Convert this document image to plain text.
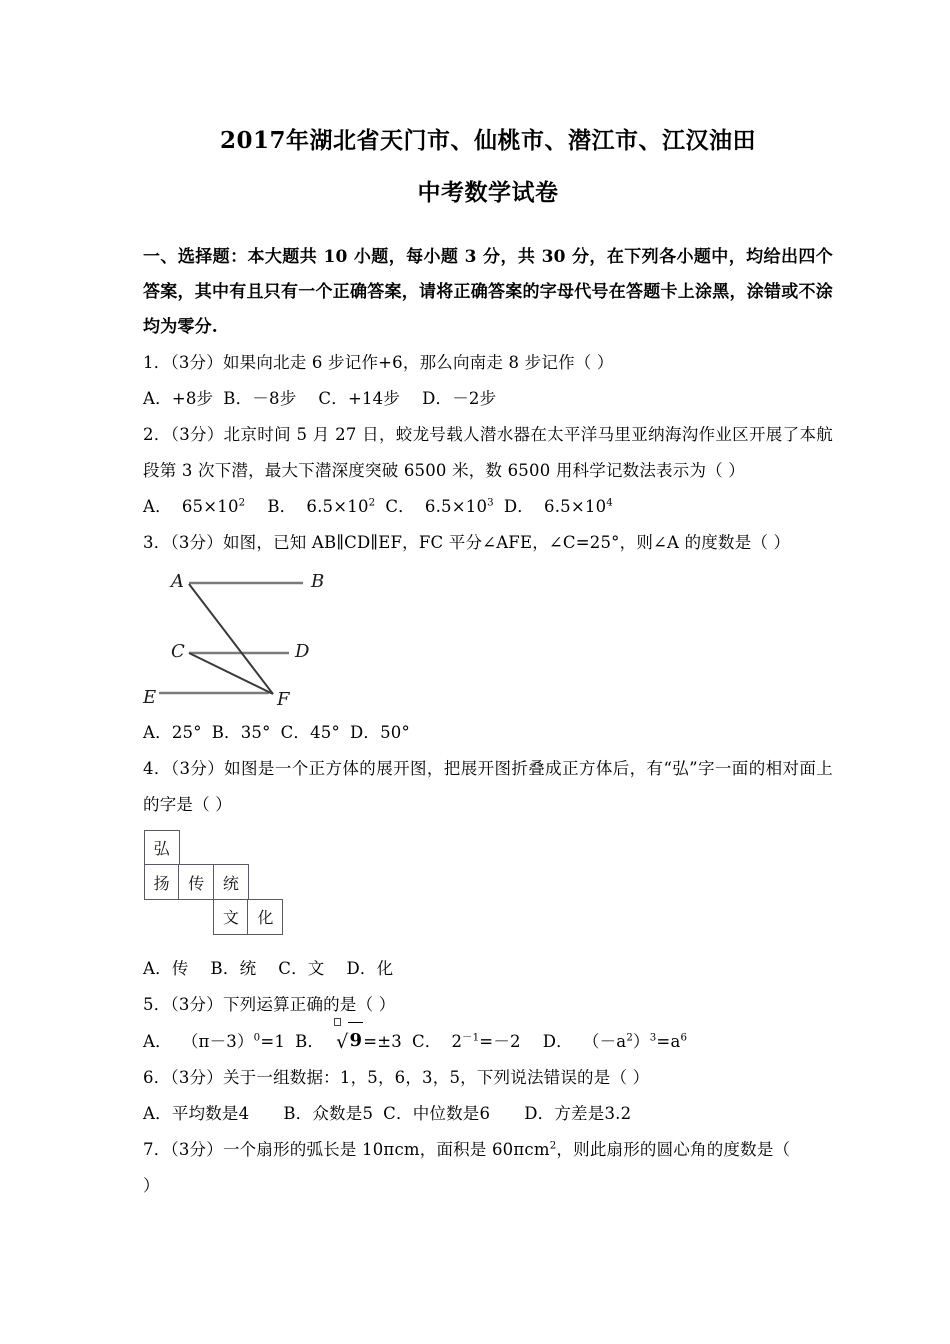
2017年湖北省天门市、仙桃市、潜江市、江汉油田
中考数学试卷
一、选择题：本大题共 10 小题，每小题 3 分，共 30 分，在下列各小题中，均给出四个答案，其中有且只有一个正确答案，请将正确答案的字母代号在答题卡上涂黑，涂错或不涂均为零分.
1．（3分）如果向北走 6 步记作+6，那么向南走 8 步记作（ ）
A．+8步 B．－8步 C．+14步 D．－2步
2．（3分）北京时间 5 月 27 日，蛟龙号载人潜水器在太平洋马里亚纳海沟作业区开展了本航段第 3 次下潜，最大下潜深度突破 6500 米，数 6500 用科学记数法表示为（ ）
A． $65\times 10^2$ B． $6.5\times 10^2$ C． $6.5\times 10^3$ D． $6.5\times 10^4$
3．（3分）如图，已知 AB∥CD∥EF，FC 平分∠AFE，∠C=25°，则∠A 的度数是（ ）
A	B
C	D
E	F
A．25° B．35° C．45° D．50°
4．（3分）如图是一个正方体的展开图，把展开图折叠成正方体后，有“弘”字一面的相对面上的字是（ ）
弘
扬	传	统
文	化
A．传 B．统 C．文 D．化
5．（3分）下列运算正确的是（ ）
A． $(\pi-3)^0=1$ B． √9=±3 C． $2^{-1}=-2$ D． $(-a^2)^3=a^6$
6．（3分）关于一组数据：1，5，6，3，5，下列说法错误的是（ ）
A．平均数是4 B．众数是5 C．中位数是6 D．方差是3.2
7．（3分）一个扇形的弧长是 10πcm，面积是 60πcm$^2$，则此扇形的圆心角的度数是（
）
